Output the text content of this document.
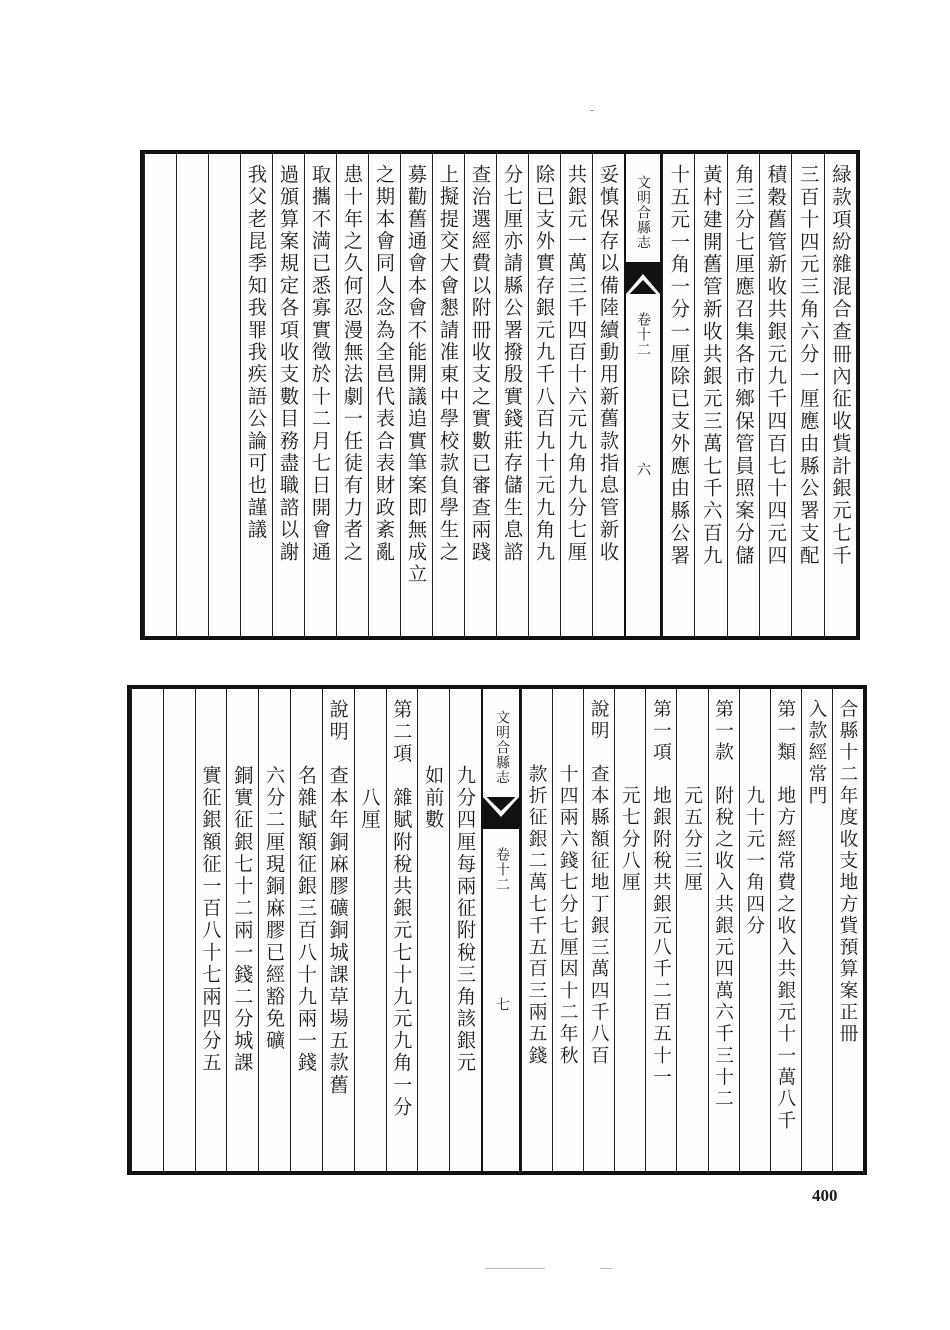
文明合縣志
卷十二
六	緑款項紛雜混合查冊內征收貲計銀元七千
三百十四元三角六分一厘應由縣公署支配
積穀舊管新收共銀元九千四百七十四元四
角三分七厘應召集各市鄉保管員照案分儲
黃村建開舊管新收共銀元三萬七千六百九
十五元一角一分一厘除已支外應由縣公署
妥慎保存以備陸續動用新舊款指息管新收
共銀元一萬三千四百十六元九角九分七厘
除已支外實存銀元九千八百九十元九角九
分七厘亦請縣公署撥殷實錢莊存儲生息諮
查治選經費以附冊收支之實數已審查兩踐
上擬提交大會懇請准東中學校款負學生之
募勸舊通會本會不能開議追實筆案即無成立
之期本會同人念為全邑代表合表財政紊亂
患十年之久何忍漫無法劇一任徒有力者之
取攜不満已悉寡實徵於十二月七日開會通
過頒算案規定各項收支數目務盡職諮以謝
我父老昆季知我罪我疾語公論可也謹議
文明合縣志
卷十二
七	合縣十二年度收支地方貲預算案正冊
入款經常門
第一類　地方經常費之收入共銀元十一萬八千
　　　　九十元一角四分
第一款　附稅之收入共銀元四萬六千三十二
　　　　元五分三厘
第一項　地銀附稅共銀元八千二百五十一
　　　　元七分八厘
說明　查本縣額征地丁銀三萬四千八百
　　　十四兩六錢七分七厘因十二年秋
　　　款折征銀二萬七千五百三兩五錢
　　　九分四厘每兩征附稅三角該銀元
　　　如前數
第二項　雜賦附稅共銀元七十九元九角一分
　　　　八厘
說明　查本年銅麻膠礦銅城課草場五款舊
　　　名雜賦額征銀三百八十九兩一錢
　　　六分二厘現銅麻膠已經豁免礦
　　　銅實征銀七十二兩一錢二分城課
　　　實征銀額征一百八十七兩四分五
400
